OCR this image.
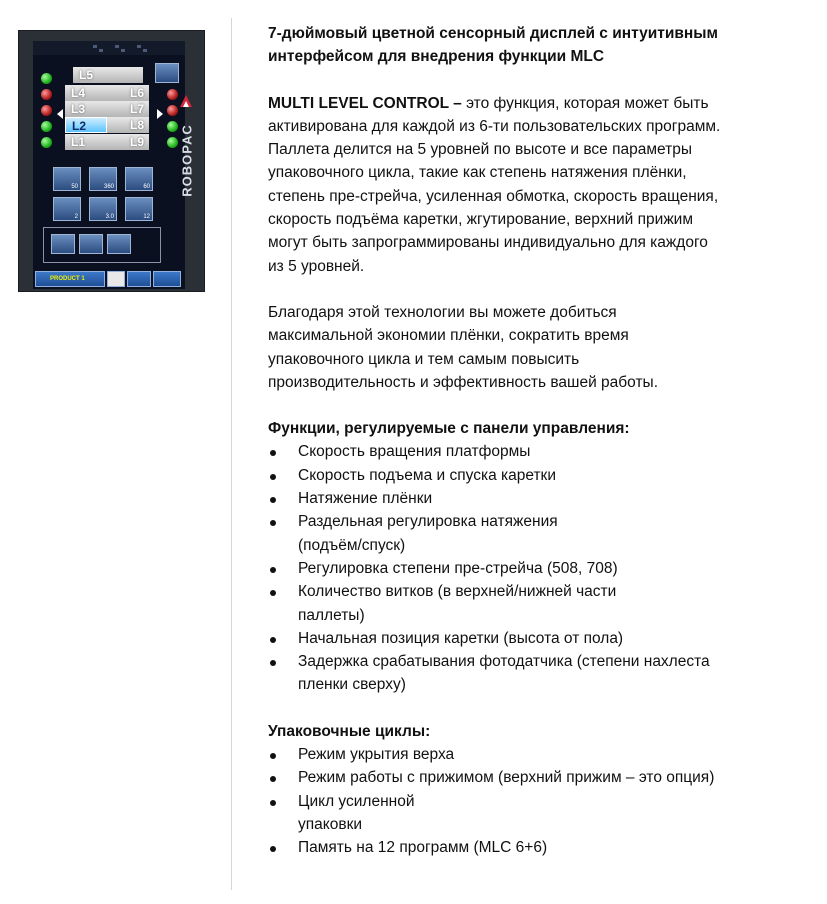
L5
L4	L6
L3	L7
L2	L8
L1	L9
50	360	60
2	3.0	12
PRODUCT 1
ROBOPAC

7-дюймовый цветной сенсорный дисплей с интуитивным

интерфейсом для внедрения функции MLC

MULTI LEVEL CONTROL – это функция, которая может быть

активирована для каждой из 6-ти пользовательских программ.

Паллета делится на 5 уровней по высоте и все параметры

упаковочного цикла, такие как степень натяжения плёнки,

степень пре-стрейча, усиленная обмотка, скорость вращения,

скорость подъёма каретки, жгутирование, верхний прижим

могут быть запрограммированы индивидуально для каждого

из 5 уровней.

Благодаря этой технологии вы можете добиться

максимальной экономии плёнки, сократить время

упаковочного цикла и тем самым повысить

производительность и эффективность вашей работы.

Функции, регулируемые с панели управления:

Скорость вращения платформы
Скорость подъема и спуска каретки
Натяжение плёнки
Раздельная регулировка натяжения
(подъём/спуск)
Регулировка степени пре-стрейча (508, 708)
Количество витков (в верхней/нижней части
паллеты)
Начальная позиция каретки (высота от пола)
Задержка срабатывания фотодатчика (степени нахлеста
пленки сверху)

Упаковочные циклы:

Режим укрытия верха
Режим работы с прижимом (верхний прижим – это опция)
Цикл усиленной
упаковки
Память на 12 программ (MLC 6+6)
